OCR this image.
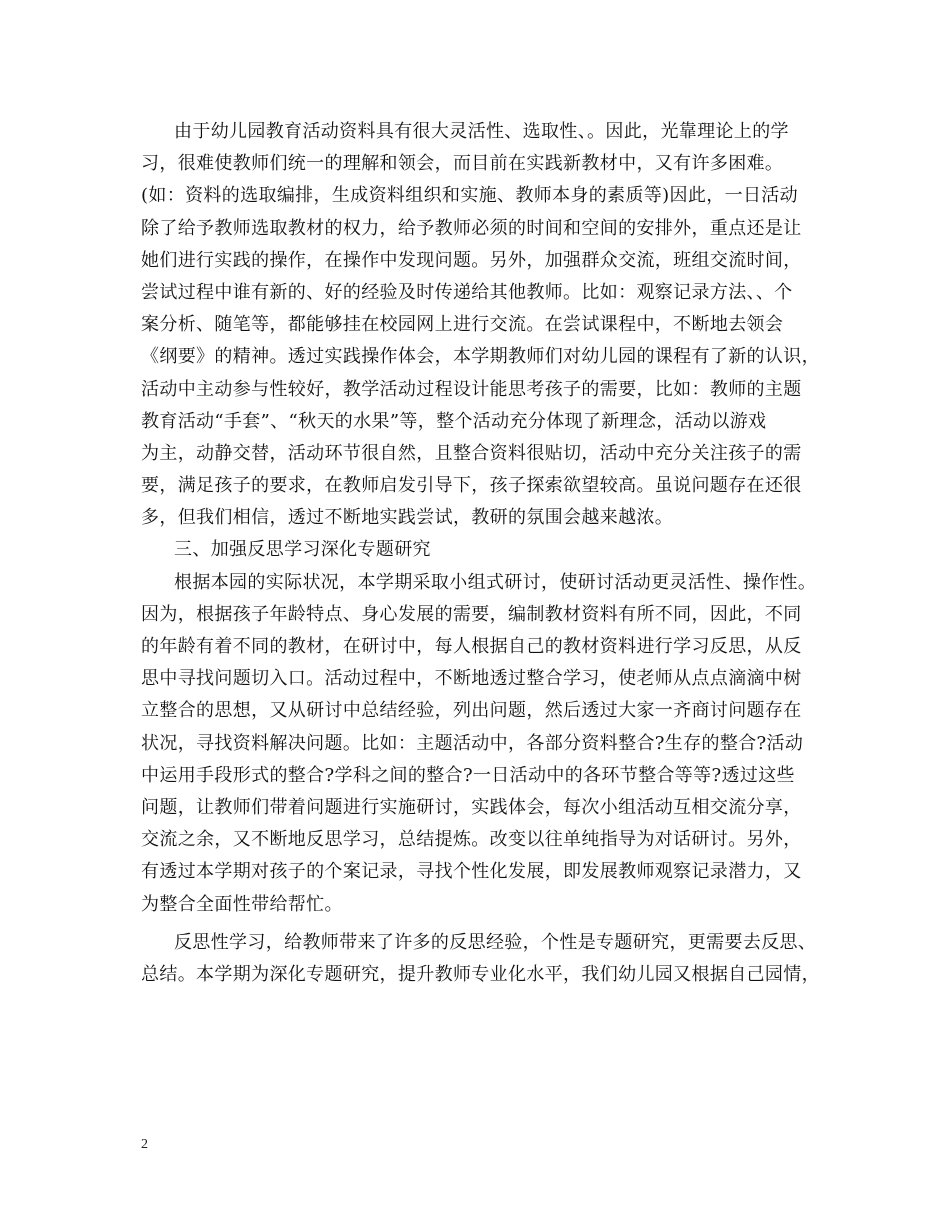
由于幼儿园教育活动资料具有很大灵活性、选取性、。因此，光靠理论上的学
习，很难使教师们统一的理解和领会，而目前在实践新教材中，又有许多困难。
(如：资料的选取编排，生成资料组织和实施、教师本身的素质等)因此，一日活动
除了给予教师选取教材的权力，给予教师必须的时间和空间的安排外，重点还是让
她们进行实践的操作，在操作中发现问题。另外，加强群众交流，班组交流时间，
尝试过程中谁有新的、好的经验及时传递给其他教师。比如：观察记录方法、、个
案分析、随笔等，都能够挂在校园网上进行交流。在尝试课程中，不断地去领会
《纲要》的精神。透过实践操作体会，本学期教师们对幼儿园的课程有了新的认识，
活动中主动参与性较好，教学活动过程设计能思考孩子的需要，比如：教师的主题
教育活动“手套”、“秋天的水果”等，整个活动充分体现了新理念，活动以游戏
为主，动静交替，活动环节很自然，且整合资料很贴切，活动中充分关注孩子的需
要，满足孩子的要求，在教师启发引导下，孩子探索欲望较高。虽说问题存在还很
多，但我们相信，透过不断地实践尝试，教研的氛围会越来越浓。
三、加强反思学习深化专题研究
根据本园的实际状况，本学期采取小组式研讨，使研讨活动更灵活性、操作性。
因为，根据孩子年龄特点、身心发展的需要，编制教材资料有所不同，因此，不同
的年龄有着不同的教材，在研讨中，每人根据自己的教材资料进行学习反思，从反
思中寻找问题切入口。活动过程中，不断地透过整合学习，使老师从点点滴滴中树
立整合的思想，又从研讨中总结经验，列出问题，然后透过大家一齐商讨问题存在
状况，寻找资料解决问题。比如：主题活动中，各部分资料整合?生存的整合?活动
中运用手段形式的整合?学科之间的整合?一日活动中的各环节整合等等?透过这些
问题，让教师们带着问题进行实施研讨，实践体会，每次小组活动互相交流分享，
交流之余，又不断地反思学习，总结提炼。改变以往单纯指导为对话研讨。另外，
有透过本学期对孩子的个案记录，寻找个性化发展，即发展教师观察记录潜力，又
为整合全面性带给帮忙。
反思性学习，给教师带来了许多的反思经验，个性是专题研究，更需要去反思、
总结。本学期为深化专题研究，提升教师专业化水平，我们幼儿园又根据自己园情，
2
